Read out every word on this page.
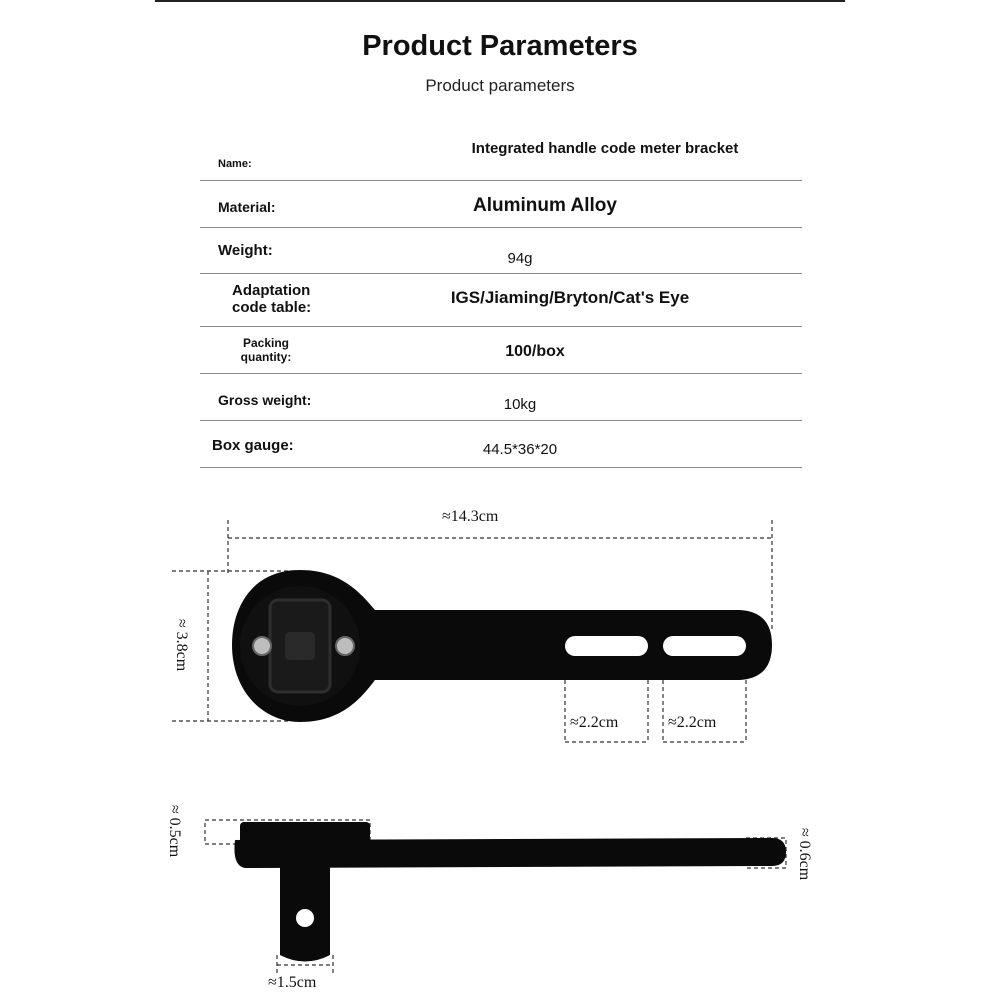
Product Parameters
Product parameters
Name:
Integrated handle code meter bracket
Material:	Aluminum Alloy
Weight:	94g
Adaptation code table:
IGS/Jiaming/Bryton/Cat's Eye
Packing quantity:	100/box
Gross weight:	10kg
Box gauge:	44.5*36*20
≈14.3cm
≈ 3.8cm
≈2.2cm	≈2.2cm
≈ 0.5cm	≈ 0.6cm
≈1.5cm
